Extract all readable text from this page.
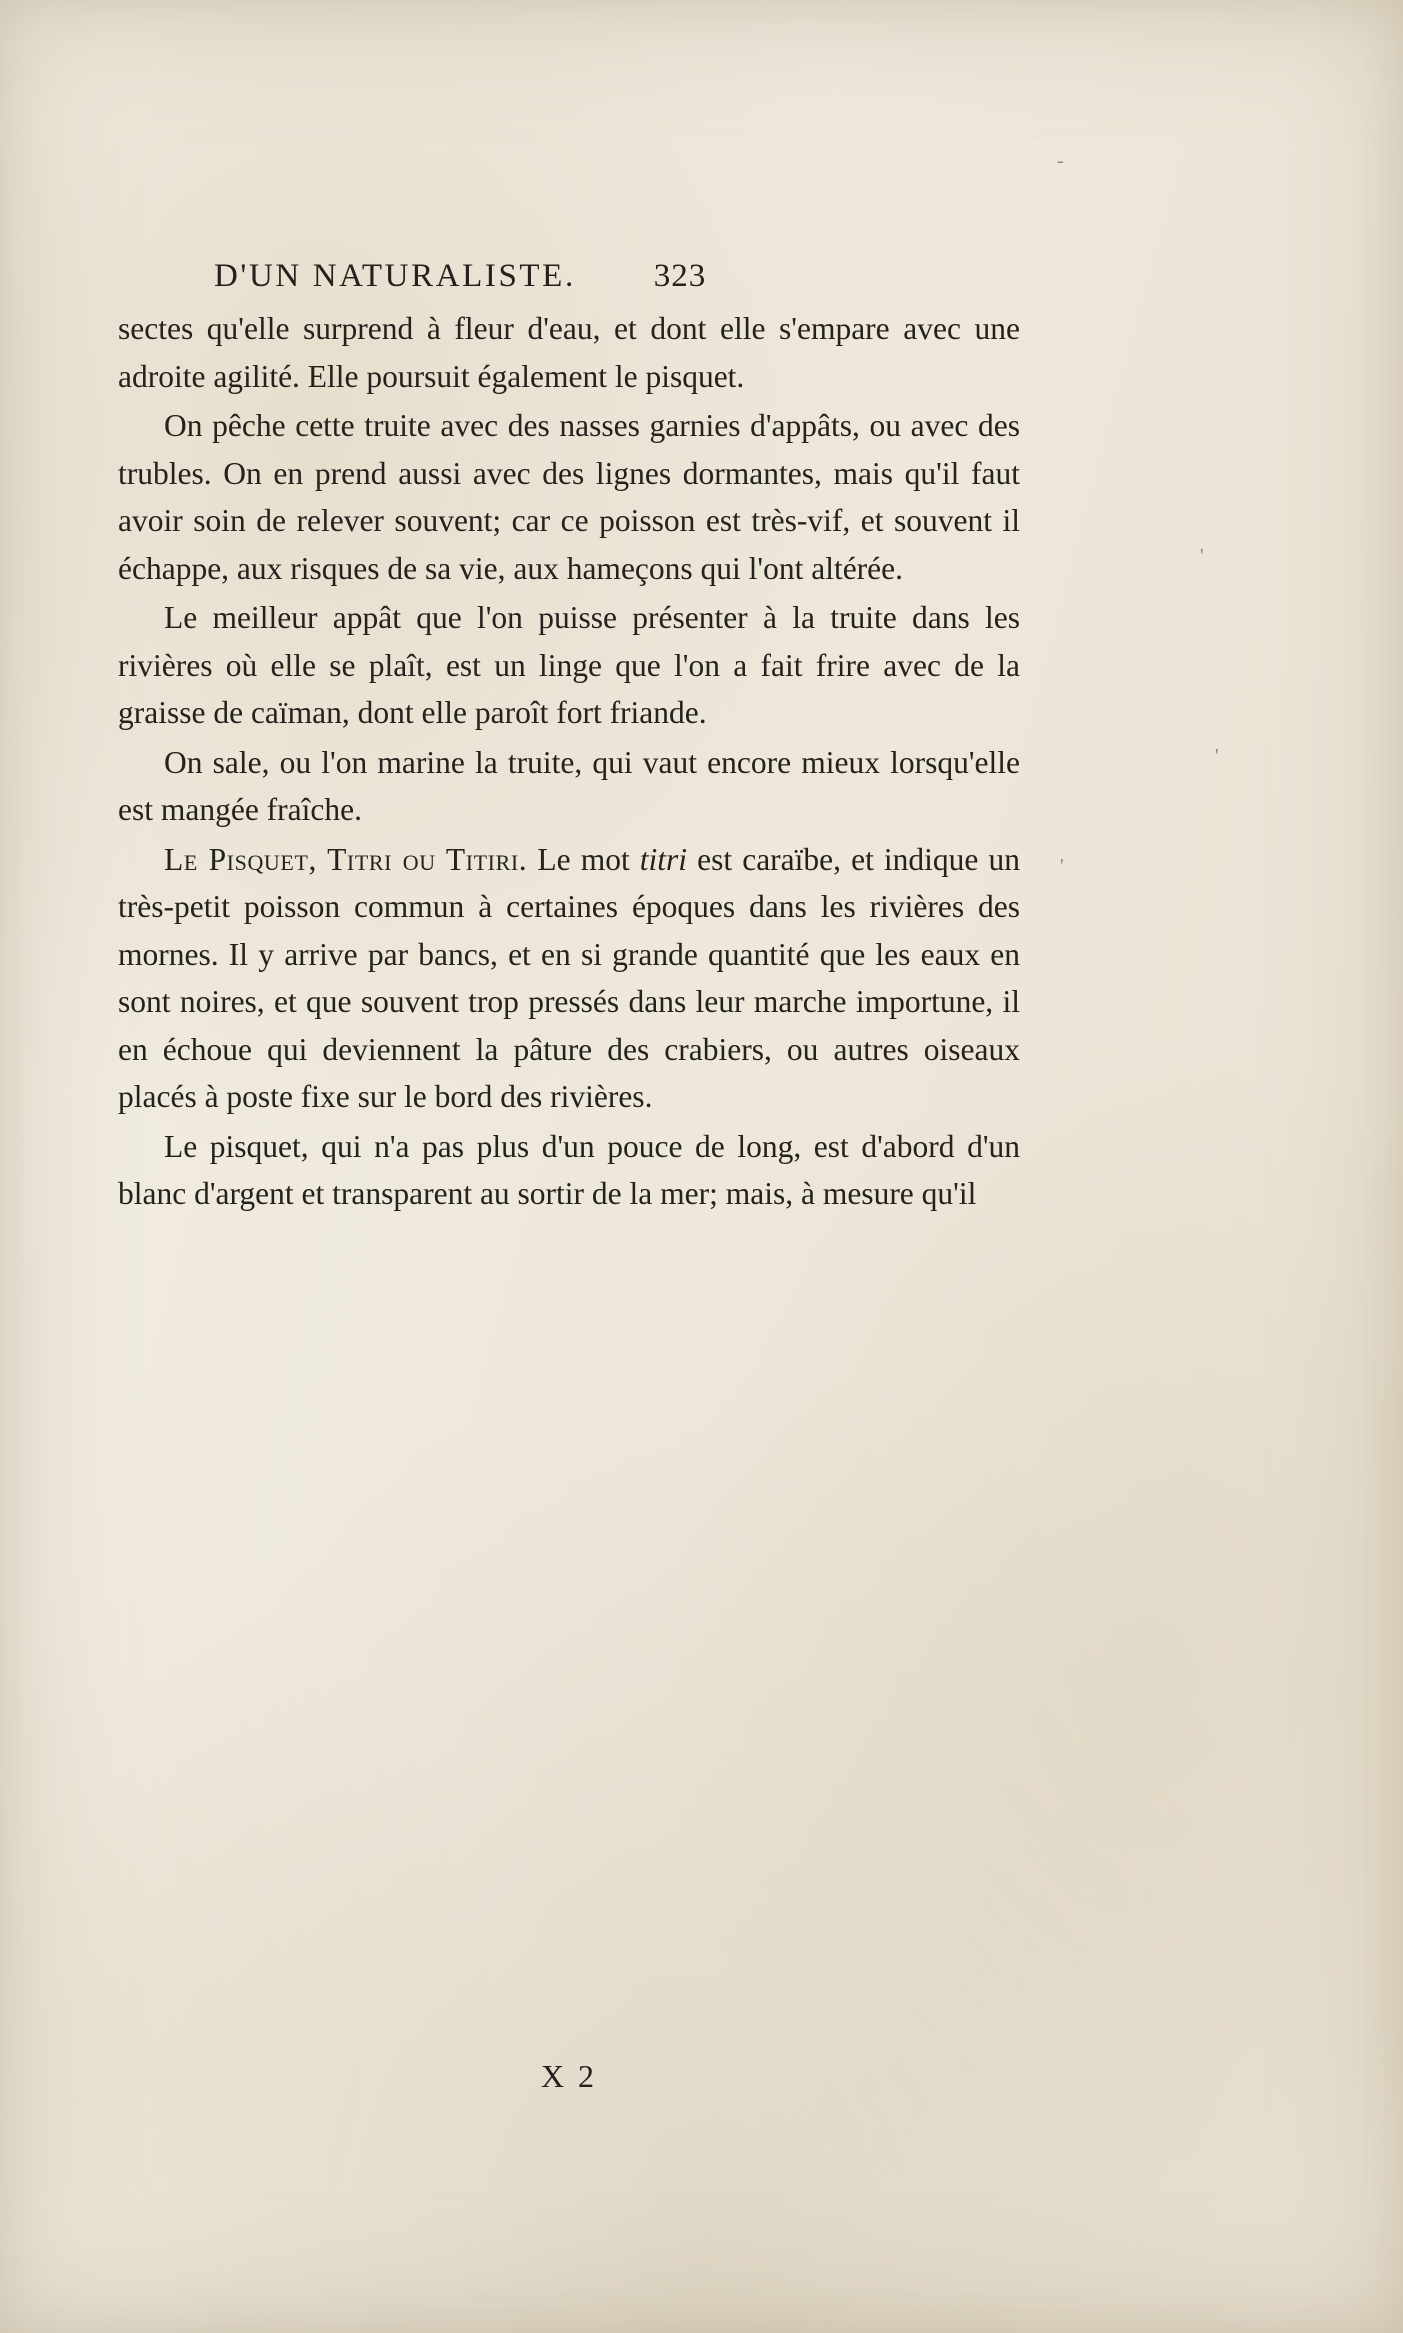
-
'
'
'
D'UN NATURALISTE. 323

sectes qu'elle surprend à fleur d'eau, et dont elle s'empare avec une adroite agilité. Elle poursuit également le pisquet.

On pêche cette truite avec des nasses garnies d'appâts, ou avec des trubles. On en prend aussi avec des lignes dormantes, mais qu'il faut avoir soin de relever souvent; car ce poisson est très-vif, et souvent il échappe, aux risques de sa vie, aux hameçons qui l'ont altérée.

Le meilleur appât que l'on puisse présenter à la truite dans les rivières où elle se plaît, est un linge que l'on a fait frire avec de la graisse de caïman, dont elle paroît fort friande.

On sale, ou l'on marine la truite, qui vaut encore mieux lorsqu'elle est mangée fraîche.

Le Pisquet, Titri ou Titiri. Le mot titri est caraïbe, et indique un très-petit poisson commun à certaines époques dans les rivières des mornes. Il y arrive par bancs, et en si grande quantité que les eaux en sont noires, et que souvent trop pressés dans leur marche importune, il en échoue qui deviennent la pâture des crabiers, ou autres oiseaux placés à poste fixe sur le bord des rivières.

Le pisquet, qui n'a pas plus d'un pouce de long, est d'abord d'un blanc d'argent et transparent au sortir de la mer; mais, à mesure qu'il

X 2
